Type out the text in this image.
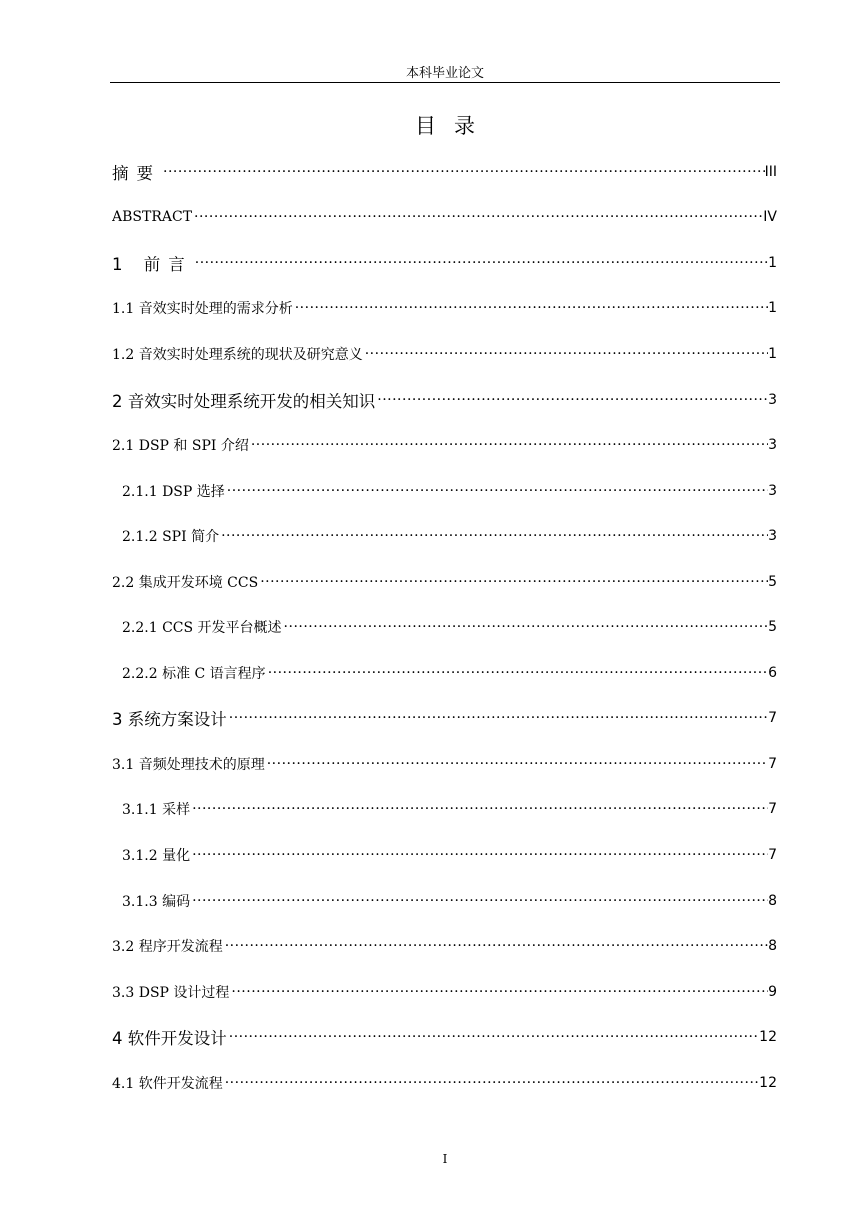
本科毕业论文
目录
摘要 ·····	III
ABSTRACT ·····	IV
1 前言 ·····	1
1.1 音效实时处理的需求分析 ·····	1
1.2 音效实时处理系统的现状及研究意义 ·····	1
2 音效实时处理系统开发的相关知识 ·····	3
2.1 DSP 和 SPI 介绍 ·····	3
2.1.1 DSP 选择 ·····	3
2.1.2 SPI 简介 ·····	3
2.2 集成开发环境 CCS ·····	5
2.2.1 CCS 开发平台概述 ·····	5
2.2.2 标准 C 语言程序 ·····	6
3 系统方案设计 ·····	7
3.1 音频处理技术的原理 ·····	7
3.1.1 采样 ·····	7
3.1.2 量化 ·····	7
3.1.3 编码 ·····	8
3.2 程序开发流程 ·····	8
3.3 DSP 设计过程 ·····	9
4 软件开发设计 ·····	12
4.1 软件开发流程 ·····	12
I
